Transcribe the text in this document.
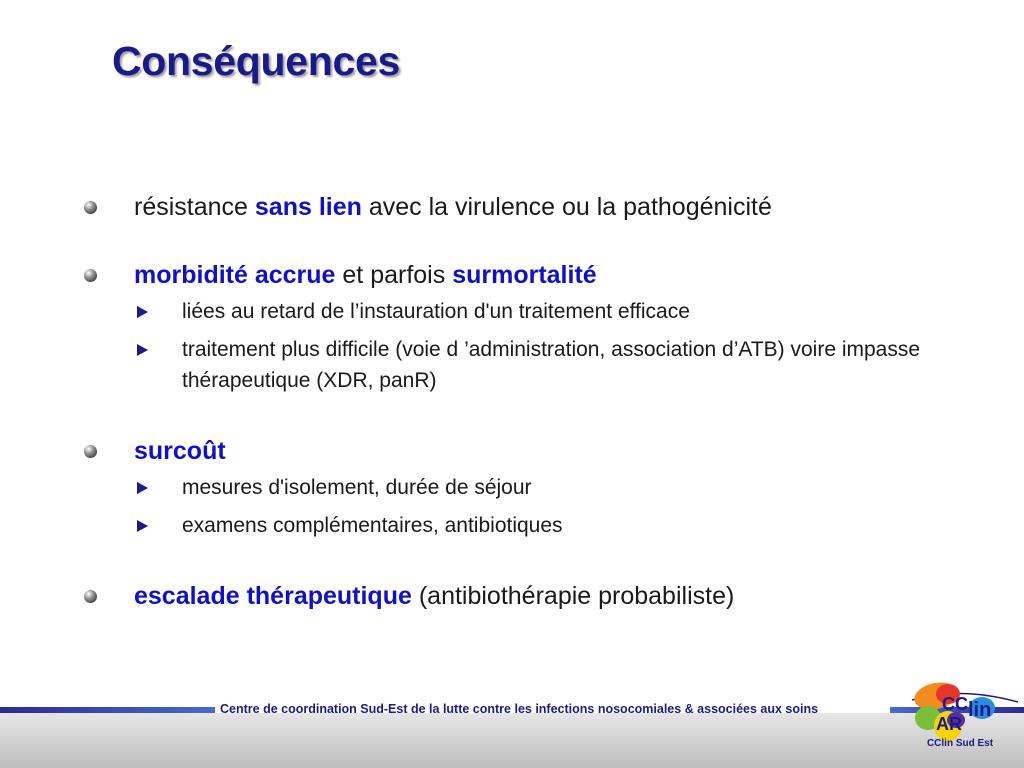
Conséquences
résistance sans lien avec la virulence ou la pathogénicité
morbidité accrue et parfois surmortalité
liées au retard de l’instauration d'un traitement efficace
traitement plus difficile (voie d ’administration, association d’ATB) voire impasse thérapeutique (XDR, panR)
surcoût
mesures d'isolement, durée de séjour
examens complémentaires, antibiotiques
escalade thérapeutique (antibiothérapie probabiliste)
Centre de coordination Sud-Est de la lutte contre les infections nosocomiales & associées aux soins	CC lin
AR
CClin Sud Est
